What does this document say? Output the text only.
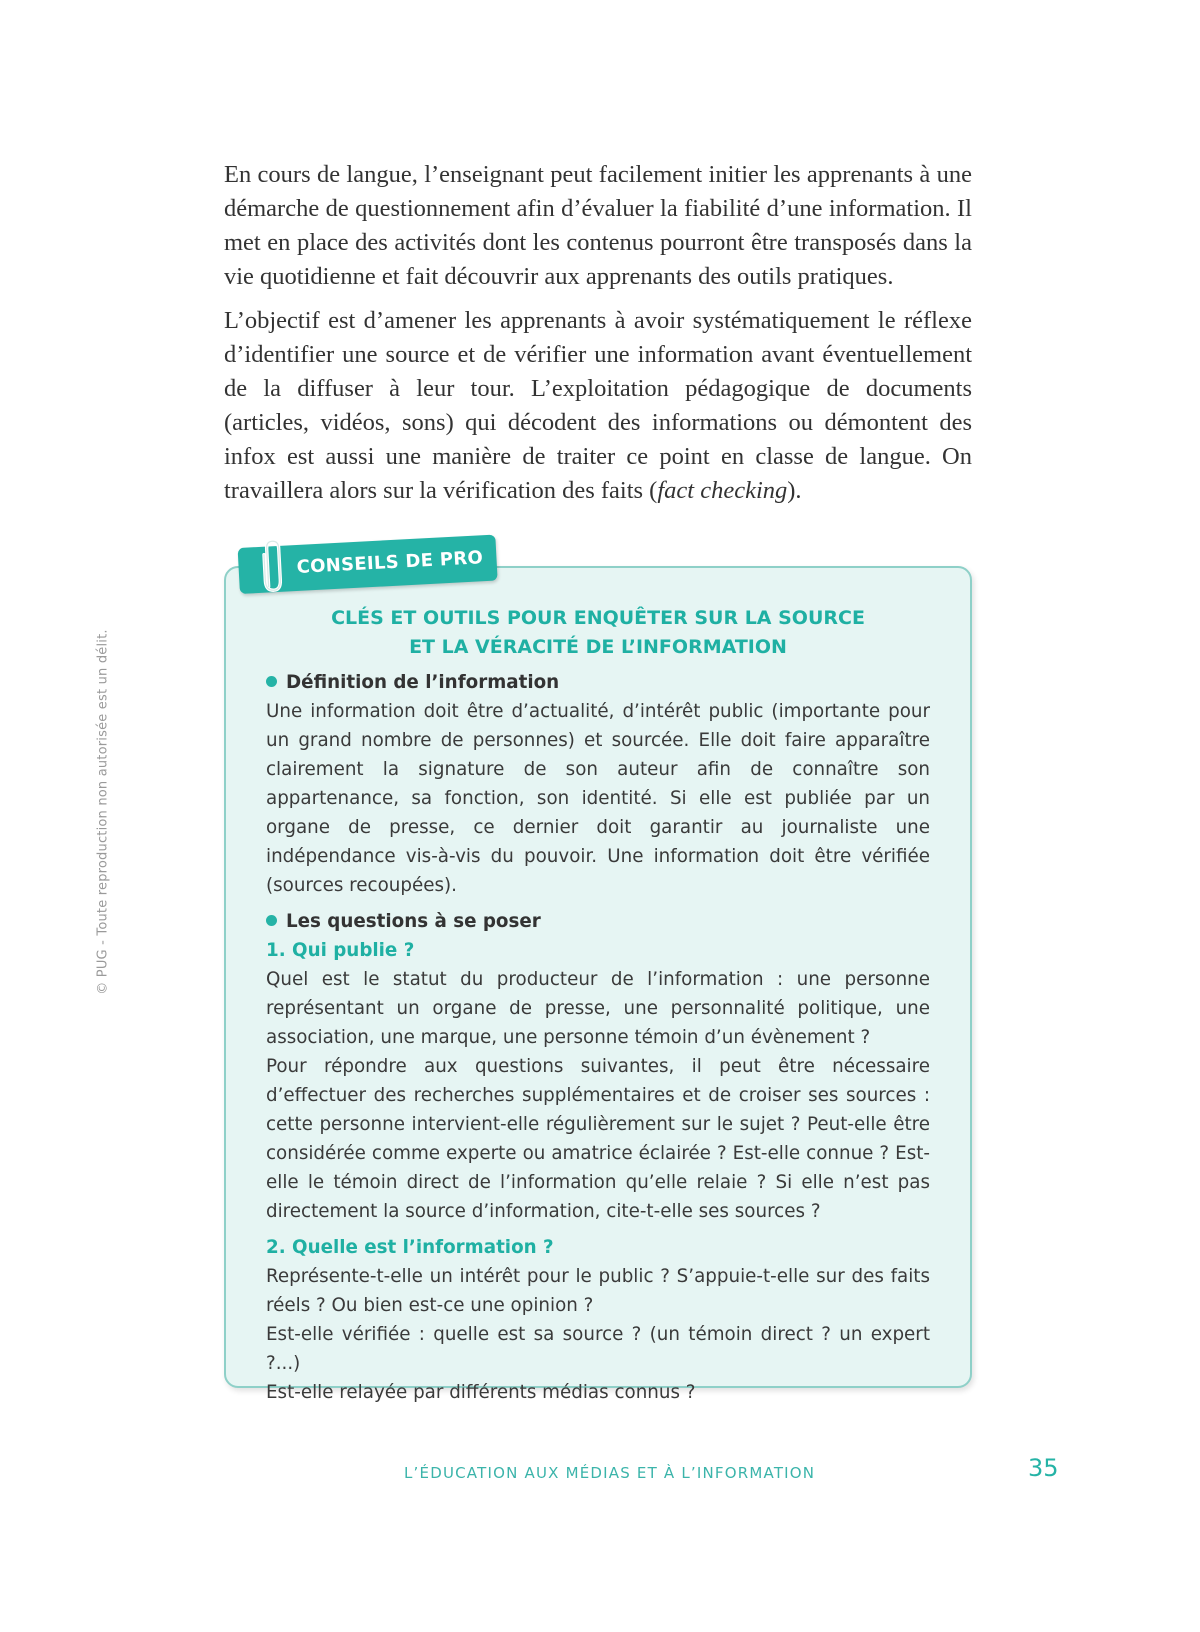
© PUG - Toute reproduction non autorisée est un délit.

En cours de langue, l’enseignant peut facilement initier les apprenants à une démarche de questionnement afin d’évaluer la fiabilité d’une information. Il met en place des activités dont les contenus pourront être transposés dans la vie quotidienne et fait découvrir aux apprenants des outils pratiques.

L’objectif est d’amener les apprenants à avoir systématiquement le réflexe d’identifier une source et de vérifier une information avant éventuellement de la diffuser à leur tour. L’exploitation pédagogique de documents (articles, vidéos, sons) qui décodent des informations ou démontent des infox est aussi une manière de traiter ce point en classe de langue. On travaillera alors sur la vérification des faits (fact checking).

CONSEILS DE PRO
CLÉS ET OUTILS POUR ENQUÊTER SUR LA SOURCE
ET LA VÉRACITÉ DE L’INFORMATION

Définition de l’information

Une information doit être d’actualité, d’intérêt public (importante pour un grand nombre de personnes) et sourcée. Elle doit faire apparaître clairement la signature de son auteur afin de connaître son appartenance, sa fonction, son identité. Si elle est publiée par un organe de presse, ce dernier doit garantir au journaliste une indépendance vis-à-vis du pouvoir. Une information doit être vérifiée (sources recoupées).

Les questions à se poser

1. Qui publie ?

Quel est le statut du producteur de l’information : une personne représentant un organe de presse, une personnalité politique, une association, une marque, une personne témoin d’un évènement ?

Pour répondre aux questions suivantes, il peut être nécessaire d’effectuer des recherches supplémentaires et de croiser ses sources : cette personne intervient-elle régulièrement sur le sujet ? Peut-elle être considérée comme experte ou amatrice éclairée ? Est-elle connue ? Est-elle le témoin direct de l’information qu’elle relaie ? Si elle n’est pas directement la source d’information, cite-t-elle ses sources ?

2. Quelle est l’information ?

Représente-t-elle un intérêt pour le public ? S’appuie-t-elle sur des faits réels ? Ou bien est-ce une opinion ?

Est-elle vérifiée : quelle est sa source ? (un témoin direct ? un expert ?...)

Est-elle relayée par différents médias connus ?

L’ÉDUCATION AUX MÉDIAS ET À L’INFORMATION	35
